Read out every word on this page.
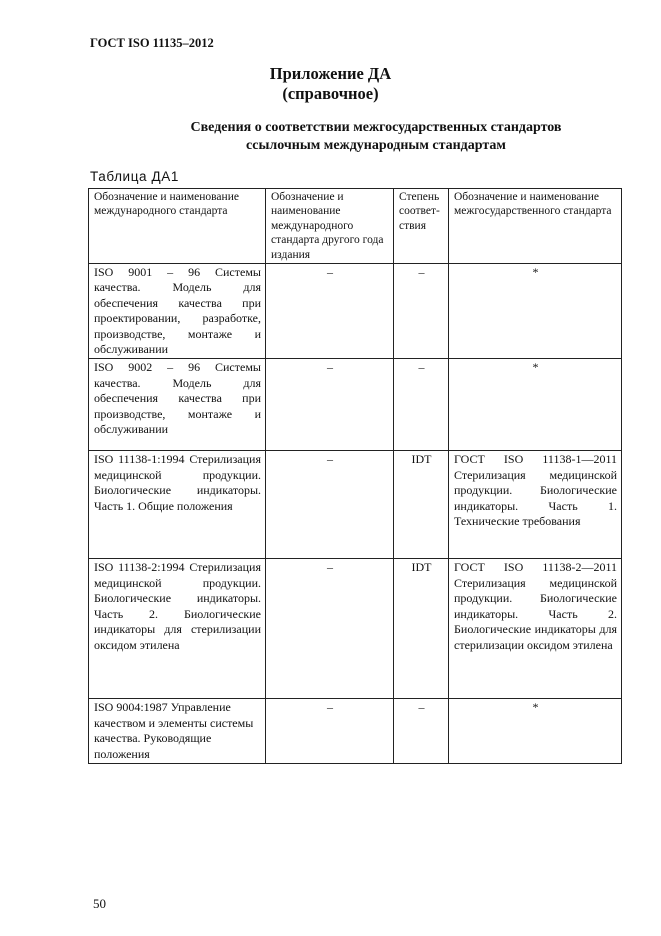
ГОСТ ISO 11135–2012
Приложение ДА
(справочное)
Сведения о соответствии межгосударственных стандартов
ссылочным международным стандартам
Таблица ДА1
Обозначение и наименование международного стандарта	Обозначение и наименование международного стандарта другого года издания	Степень соответ-ствия	Обозначение и наименование межгосударственного стандарта
ISO 9001 – 96 Системы качества. Модель для обеспечения качества при проектировании, разработке, производстве, монтаже и обслуживании	–	–	*
ISO 9002 – 96 Системы качества. Модель для обеспечения качества при производстве, монтаже и обслуживании	–	–	*
ISO 11138-1:1994 Стерилизация медицинской продукции. Биологические индикаторы. Часть 1. Общие положения	–	IDT	ГОСТ ISO 11138-1—2011 Стерилизация медицинской продукции. Биологические индикаторы. Часть 1. Технические требования
ISO 11138-2:1994 Стерилизация медицинской продукции. Биологические индикаторы. Часть 2. Биологические индикаторы для стерилизации оксидом этилена	–	IDT	ГОСТ ISO 11138-2—2011 Стерилизация медицинской продукции. Биологические индикаторы. Часть 2. Биологические индикаторы для стерилизации оксидом этилена
ISO 9004:1987 Управление качеством и элементы системы качества. Руководящие положения	–	–	*
50
